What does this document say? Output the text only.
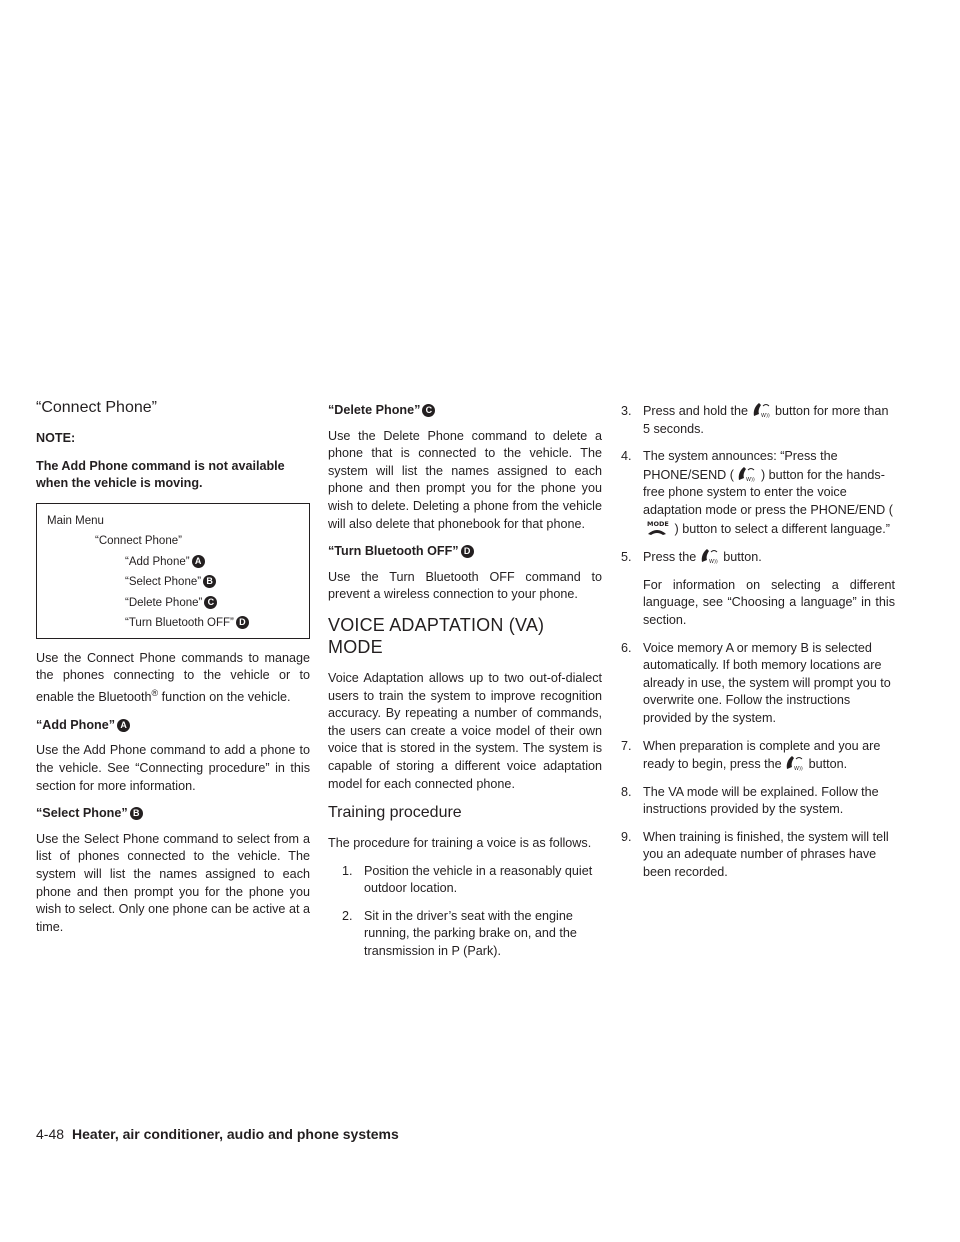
“Connect Phone”

NOTE:

The Add Phone command is not available when the vehicle is moving.

Main Menu
“Connect Phone”
“Add Phone” A
“Select Phone” B
“Delete Phone” C
“Turn Bluetooth OFF” D

Use the Connect Phone commands to manage the phones connecting to the vehicle or to enable the Bluetooth® function on the vehicle.

“Add Phone” A

Use the Add Phone command to add a phone to the vehicle. See “Connecting procedure” in this section for more information.

“Select Phone” B

Use the Select Phone command to select from a list of phones connected to the vehicle. The system will list the names assigned to each phone and then prompt you for the phone you wish to select. Only one phone can be active at a time.

“Delete Phone” C

Use the Delete Phone command to delete a phone that is connected to the vehicle. The system will list the names assigned to each phone and then prompt you for the phone you wish to delete. Deleting a phone from the vehicle will also delete that phonebook for that phone.

“Turn Bluetooth OFF” D

Use the Turn Bluetooth OFF command to prevent a wireless connection to your phone.

VOICE ADAPTATION (VA) MODE

Voice Adaptation allows up to two out-of-dialect users to train the system to improve recognition accuracy. By repeating a number of commands, the users can create a voice model of their own voice that is stored in the system. The system is capable of storing a different voice adaptation model for each connected phone.

Training procedure

The procedure for training a voice is as follows.

1. Position the vehicle in a reasonably quiet outdoor location.
2. Sit in the driver’s seat with the engine running, the parking brake on, and the transmission in P (Park).
3. Press and hold the	W)) button for more than 5 seconds.
4. The system announces: “Press the PHONE/SEND (	W)) ) button for the hands-free phone system to enter the voice adaptation mode or press the PHONE/END (
MODE ) button to select a different language.”
5. Press the	W)) button.
For information on selecting a different language, see “Choosing a language” in this section.
6. Voice memory A or memory B is selected automatically. If both memory locations are already in use, the system will prompt you to overwrite one. Follow the instructions provided by the system.
7. When preparation is complete and you are ready to begin, press the	W)) button.
8. The VA mode will be explained. Follow the instructions provided by the system.
9. When training is finished, the system will tell you an adequate number of phrases have been recorded.
4-48 Heater, air conditioner, audio and phone systems
